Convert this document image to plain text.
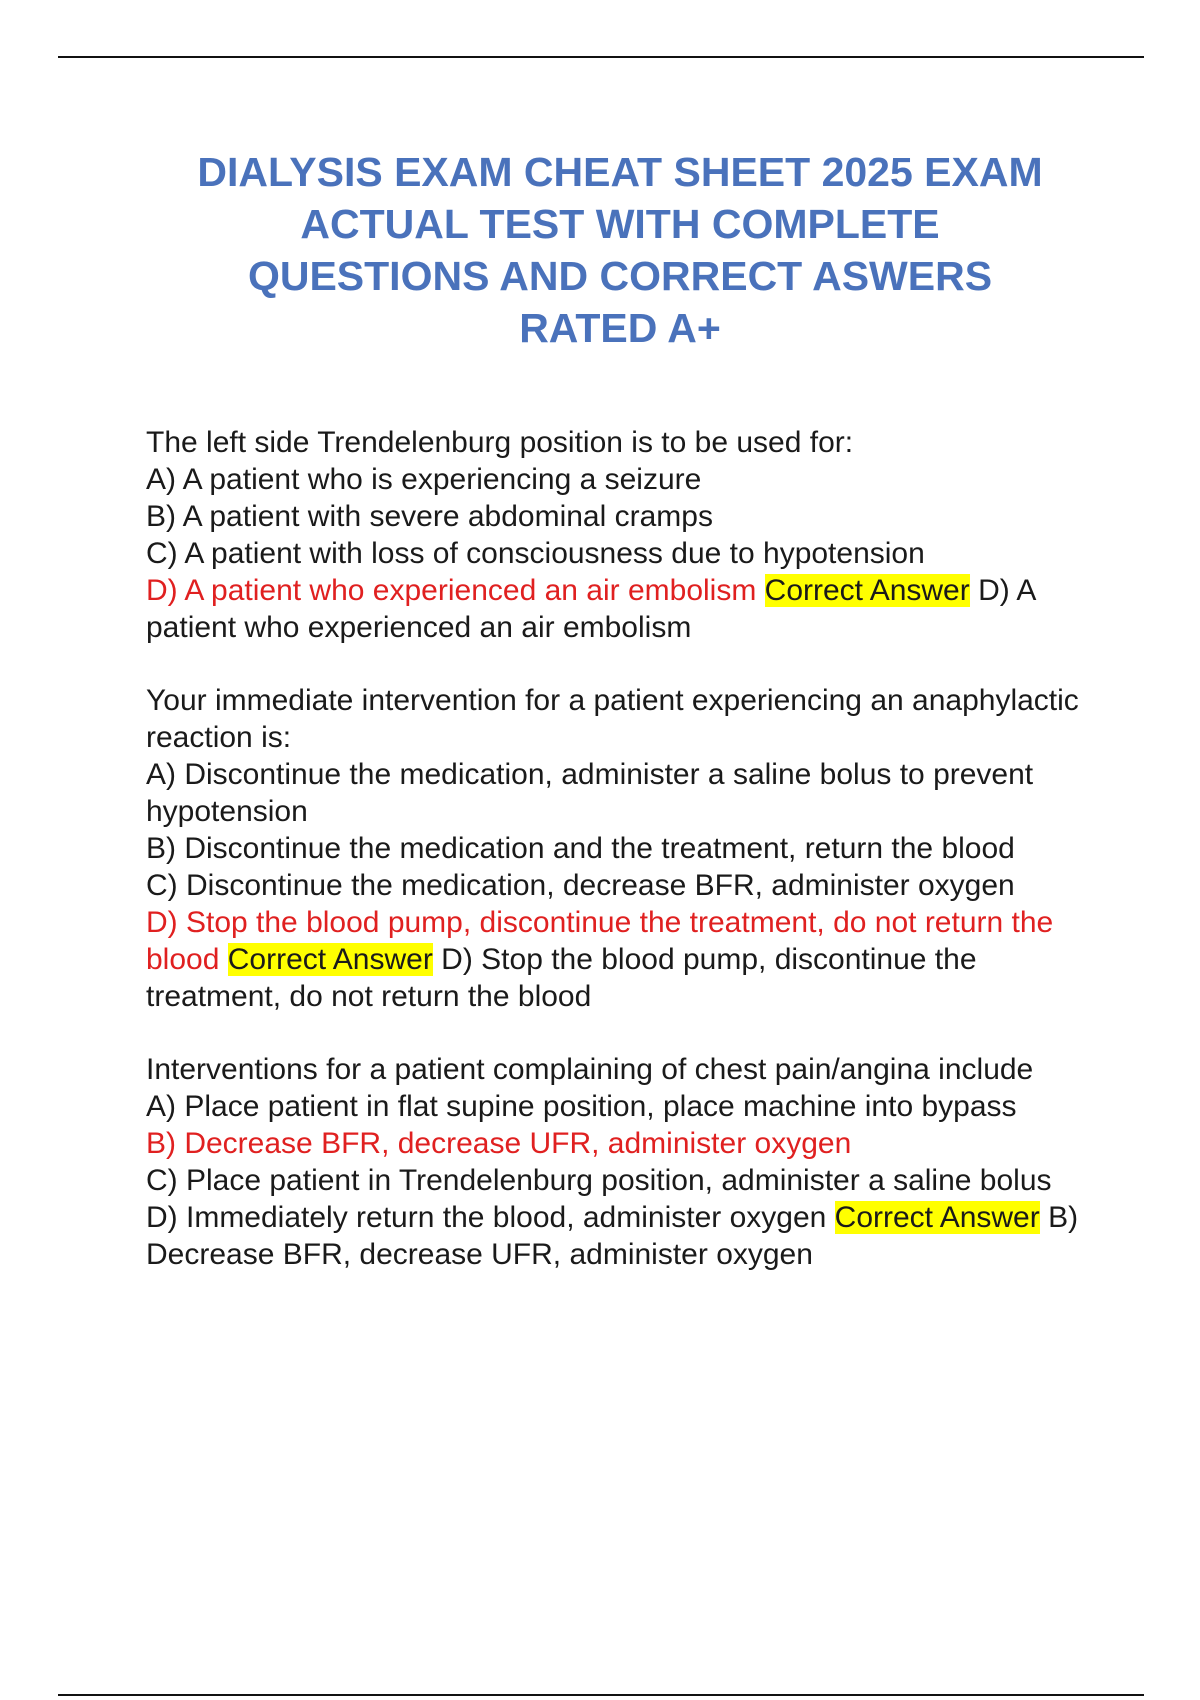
DIALYSIS EXAM CHEAT SHEET 2025 EXAM
ACTUAL TEST WITH COMPLETE
QUESTIONS AND CORRECT ASWERS
RATED A+
The left side Trendelenburg position is to be used for:
A) A patient who is experiencing a seizure
B) A patient with severe abdominal cramps
C) A patient with loss of consciousness due to hypotension
D) A patient who experienced an air embolism Correct Answer D) A patient who experienced an air embolism
Your immediate intervention for a patient experiencing an anaphylactic reaction is:
A) Discontinue the medication, administer a saline bolus to prevent hypotension
B) Discontinue the medication and the treatment, return the blood
C) Discontinue the medication, decrease BFR, administer oxygen
D) Stop the blood pump, discontinue the treatment, do not return the blood Correct Answer D) Stop the blood pump, discontinue the treatment, do not return the blood
Interventions for a patient complaining of chest pain/angina include
A) Place patient in flat supine position, place machine into bypass
B) Decrease BFR, decrease UFR, administer oxygen
C) Place patient in Trendelenburg position, administer a saline bolus
D) Immediately return the blood, administer oxygen Correct Answer B) Decrease BFR, decrease UFR, administer oxygen
